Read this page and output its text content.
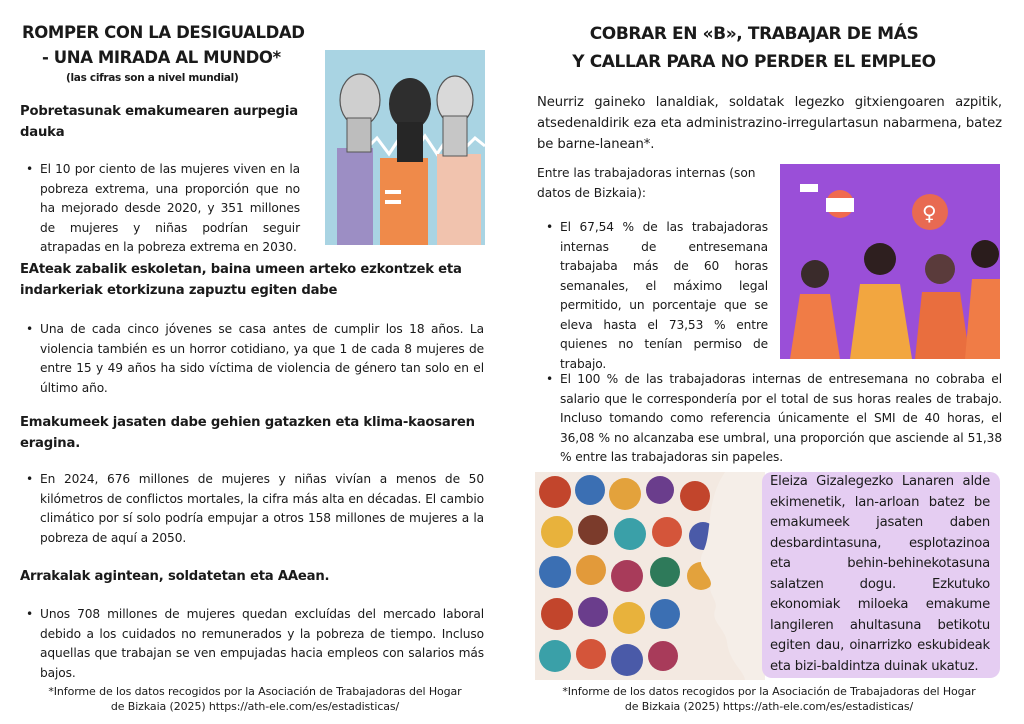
ROMPER CON LA DESIGUALDAD
- UNA MIRADA AL MUNDO*
(las cifras son a nivel mundial)
Pobretasunak emakumearen aurpegia dauka
• El 10 por ciento de las mujeres viven en la pobreza extrema, una proporción que no ha mejorado desde 2020, y 351 millones de mujeres y niñas podrían seguir atrapadas en la pobreza extrema en 2030.
EAteak zabalik eskoletan, baina umeen arteko ezkontzek eta indarkeriak etorkizuna zapuztu egiten dabe
• Una de cada cinco jóvenes se casa antes de cumplir los 18 años. La violencia también es un horror cotidiano, ya que 1 de cada 8 mujeres de entre 15 y 49 años ha sido víctima de violencia de género tan solo en el último año.
Emakumeek jasaten dabe gehien gatazken eta klima-kaosaren eragina.
• En 2024, 676 millones de mujeres y niñas vivían a menos de 50 kilómetros de conflictos mortales, la cifra más alta en décadas. El cambio climático por sí solo podría empujar a otros 158 millones de mujeres a la pobreza de aquí a 2050.
Arrakalak agintean, soldatetan eta AAean.
• Unos 708 millones de mujeres quedan excluídas del mercado laboral debido a los cuidados no remunerados y la pobreza de tiempo. Incluso aquellas que trabajan se ven empujadas hacia empleos con salarios más bajos.
*Informe de los datos recogidos por la Asociación de Trabajadoras del Hogar
de Bizkaia (2025) https://ath-ele.com/es/estadisticas/
COBRAR EN «B», TRABAJAR DE MÁS
Y CALLAR PARA NO PERDER EL EMPLEO
Neurriz gaineko lanaldiak, soldatak legezko gitxiengoaren azpitik, atsedenaldirik eza eta administrazino-irregulartasun nabarmena, batez be barne-lanean*.
Entre las trabajadoras internas (son datos de Bizkaia):
♀
• El 67,54 % de las trabajadoras internas de entresemana trabajaba más de 60 horas semanales, el máximo legal permitido, un porcentaje que se eleva hasta el 73,53 % entre quienes no tenían permiso de trabajo.
• El 100 % de las trabajadoras internas de entresemana no cobraba el salario que le correspondería por el total de sus horas reales de trabajo. Incluso tomando como referencia únicamente el SMI de 40 horas, el 36,08 % no alcanzaba ese umbral, una proporción que asciende al 51,38 % entre las trabajadoras sin papeles.
Eleiza Gizalegezko Lanaren alde ekimenetik, lan-arloan batez be emakumeek jasaten daben desbardintasuna, esplotazinoa eta behin-behinekotasuna salatzen dogu. Ezkutuko ekonomiak miloeka emakume langileren ahultasuna betikotu egiten dau, oinarrizko eskubideak eta bizi-baldintza duinak ukatuz.
*Informe de los datos recogidos por la Asociación de Trabajadoras del Hogar
de Bizkaia (2025) https://ath-ele.com/es/estadisticas/
